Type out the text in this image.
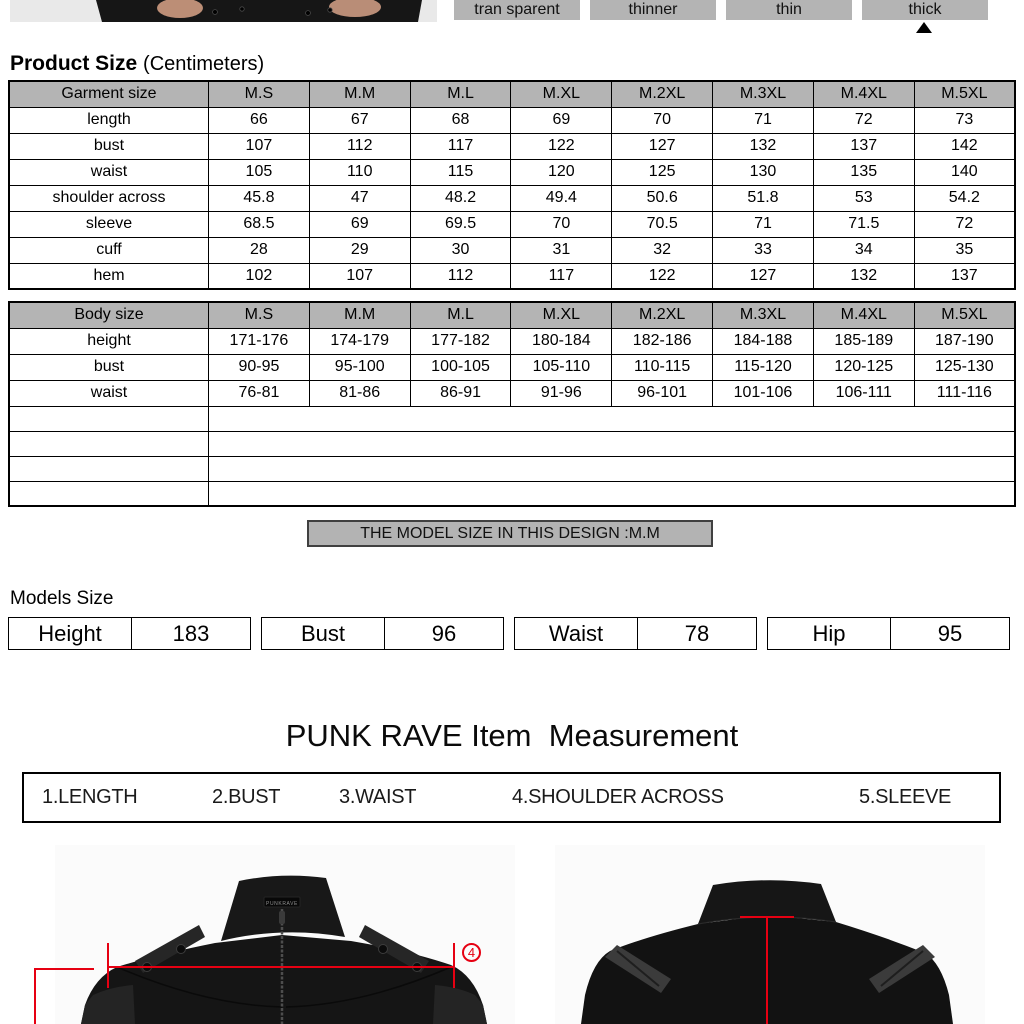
tran sparent	thinner	thin	thick
Product Size (Centimeters)
Garment size	M.S	M.M	M.L	M.XL	M.2XL	M.3XL	M.4XL	M.5XL
length	66	67	68	69	70	71	72	73
bust	107	112	117	122	127	132	137	142
waist	105	110	115	120	125	130	135	140
shoulder across	45.8	47	48.2	49.4	50.6	51.8	53	54.2
sleeve	68.5	69	69.5	70	70.5	71	71.5	72
cuff	28	29	30	31	32	33	34	35
hem	102	107	112	117	122	127	132	137
Body size	M.S	M.M	M.L	M.XL	M.2XL	M.3XL	M.4XL	M.5XL
height	171-176	174-179	177-182	180-184	182-186	184-188	185-189	187-190
bust	90-95	95-100	100-105	105-110	110-115	115-120	120-125	125-130
waist	76-81	81-86	86-91	91-96	96-101	101-106	106-111	111-116

THE MODEL SIZE IN THIS DESIGN :M.M
Models Size
Height	183	Bust	96	Waist	78	Hip	95
PUNK RAVE Item  Measurement
1.LENGTH	2.BUST	3.WAIST	4.SHOULDER ACROSS	5.SLEEVE
PUNKRAVE
4
